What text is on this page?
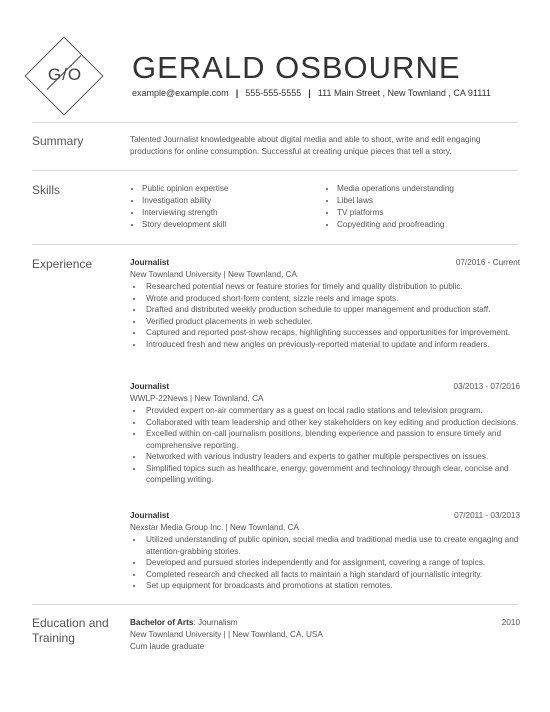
G/O GERALD OSBOURNE
example@example.com | 555-555-5555 | 111 Main Street , New Townland , CA 91111
Summary	Talented Journalist knowledgeable about digital media and able to shoot, write and edit engaging productions for online consumption. Successful at creating unique pieces that tell a story.
Skills
•	Public opinion expertise
• Investigation ability
• Interviewing strength
• Story development skill
• Media operations understanding
• Libel laws
• TV platforms
• Copyediting and proofreading
Experience	Journalist	07/2016 - Current
New Townland University | New Townland, CA
• Researched potential news or feature stories for timely and quality distribution to public.
• Wrote and produced short-form content, sizzle reels and image spots.
• Drafted and distributed weekly production schedule to upper management and production staff.
• Verified product placements in web scheduler.
• Captured and reported post-show recaps, highlighting successes and opportunities for improvement.
• Introduced fresh and new angles on previously-reported material to update and inform readers.
Journalist	03/2013 - 07/2016
WWLP-22News | New Townland, CA
• Provided expert on-air commentary as a guest on local radio stations and television program.
• Collaborated with team leadership and other key stakeholders on key editing and production decisions.
• Excelled within on-call journalism positions, blending experience and passion to ensure timely and comprehensive reporting.
• Networked with various industry leaders and experts to gather multiple perspectives on issues.
• Simplified topics such as healthcare, energy, government and technology through clear, concise and compelling writing.
Journalist	07/2011 - 03/2013
Nexstar Media Group Inc. | New Townland, CA
• Utilized understanding of public opinion, social media and traditional media use to create engaging and attention-grabbing stories.
• Developed and pursued stories independently and for assignment, covering a range of topics.
• Completed research and checked all facts to maintain a high standard of journalistic integrity.
• Set up equipment for broadcasts and promotions at station remotes.
Education and Training
Bachelor of Arts: Journalism	2010
New Townland University | | New Townland, CA, USA
Cum laude graduate
